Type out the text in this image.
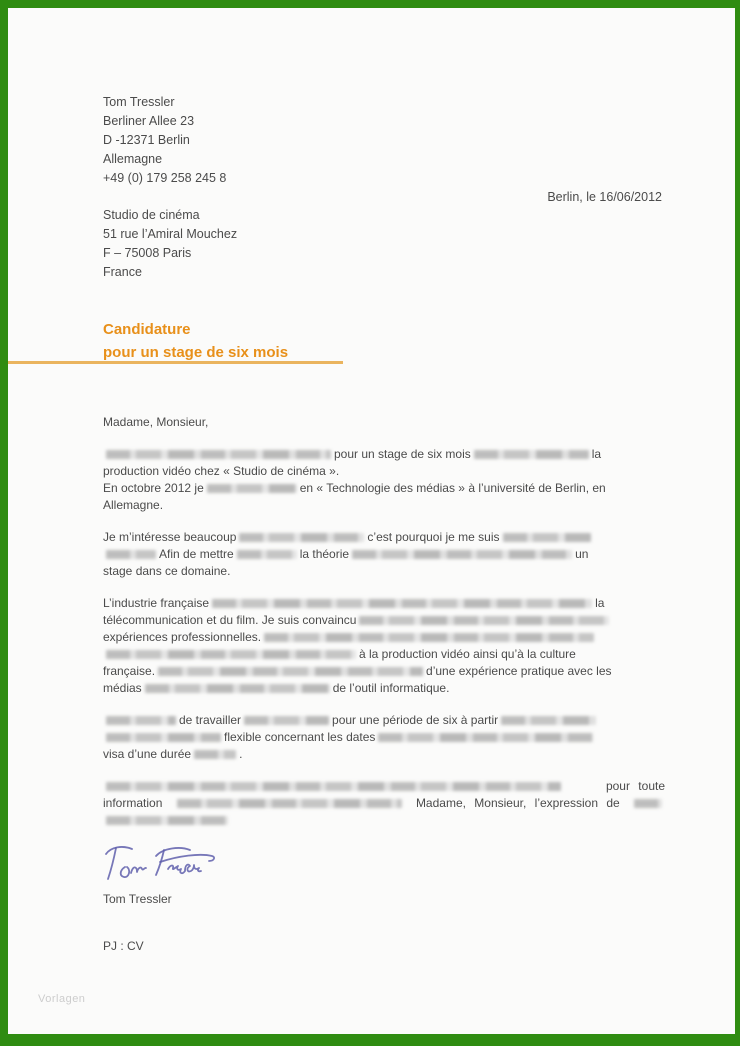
Tom Tressler
Berliner Allee 23
D -12371 Berlin
Allemagne
+49 (0) 179 258 245 8
Berlin, le 16/06/2012
Studio de cinéma
51 rue l’Amiral Mouchez
F – 75008 Paris
France
Candidature
pour un stage de six mois
Madame, Monsieur,
pour un stage de six mois	la
production vidéo chez « Studio de cinéma ».
En octobre 2012 je	en « Technologie des médias » à l’université de Berlin, en
Allemagne.
Je m’intéresse beaucoup	c’est pourquoi je me suis
Afin de mettre	la théorie	un
stage dans ce domaine.
L’industrie française	la
télécommunication et du film. Je suis convaincu
expériences professionnelles.
à la production vidéo ainsi qu’à la culture
française.	d’une expérience pratique avec les
médias	de l’outil informatique.
de travailler	pour une période de six à partir
flexible concernant les dates
visa d’une durée	.
pour toute
information	Madame, Monsieur, l’expression de
Tom Tressler
PJ : CV
Vorlagen
